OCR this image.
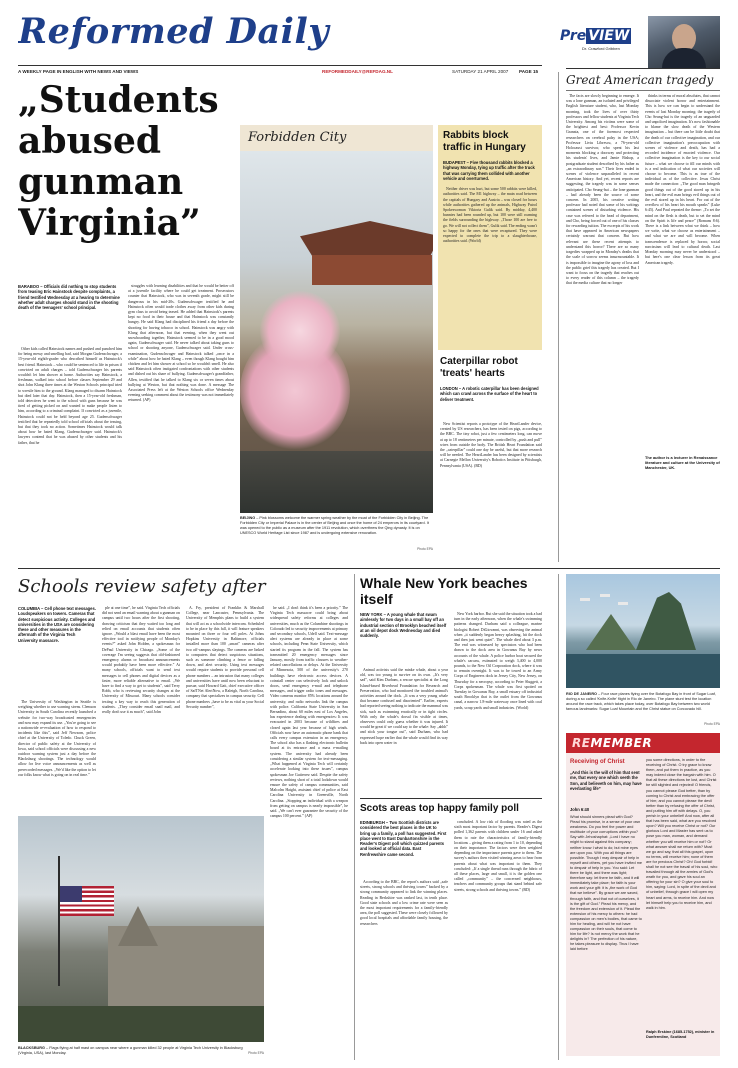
Reformed Daily
A WEEKLY PAGE IN ENGLISH WITH NEWS AND VIEWS	REFORMEDDAILY@REFDAG.NL	SATURDAY 21 APRIL 2007	PAGE 15
Pre VIEW
Dr. Crawford Gribben
Great American tragedy

The facts are slowly beginning to emerge. It was a lone gunman, an isolated and privileged English literature student, who, last Monday morning, took the lives of over thirty professors and fellow students at Virginia Tech University. Among his victims were some of the brightest and best: Professor Kevin Granata, one of the foremost respected researchers on cerebral palsy in the USA; Professor Liviu Librescu, a 76-year-old Holocaust survivor, who spent his last moments blocking a doorway and protecting his students' lives, and Jamie Bishop, a postgraduate student described by his father as „an extraordinary son.” Their lives ended in scenes of violence unparalleled in recent American history. And yet, recent reports are suggesting, the tragedy was in some senses anticipated. Cho Seung-hui – the lone gunman – had already been the source of some concern. In 2005, his creative writing professor had noted that some of his writings contained scenes of disturbing violence. His case was referred to the head of department, and Cho, being forced out of one of his classes for rewarding tuition. The excerpts of his work that have appeared in American newspapers certainly warrant that concern. But how relevant are these recent attempts to understand this horror? There are so many tragedies wrapped up in Monday's deaths that the scale of sorrow seems insurmountable. It is impossible to imagine the agony of loss and the public grief this tragedy has created. But I want to focus on the tragedy that reaches out to every reader of this column – the tragedy that the media culture that no longer

thinks in terms of moral absolutes, that cannot dissociate violent horror and entertainment. This is how we can begin to understand the events of last Monday morning; the tragedy of Cho Seung-hui is the tragedy of an unguarded and unpoliced imagination. It's now fashionable to blame the slow death of the Western imagination – but there can be little doubt that the death of our collective imagination, and our collective imagination's preoccupation with scenes of violence and death, has had a recorded incidence of enacted violence. Our collective imagination is the key to our social future – what we choose to fill our minds with is a real indication of what our societies will choose to become. This is as true of the individual as of the collective. Jesus Christ made the connection: „The good man bringeth good things out of the good stored up in his heart, and the evil man brings evil things out of the evil stored up in his heart. For out of the overflow of his heart his mouth speaks” (Luke 6:45). And Paul repeated the theme: „To set the mind on the flesh is death, but to set the mind on the Spirit is life and peace” (Romans 8:6). There is a link between what we think – how we write, what we choose as entertainment – and what we are and will become. When transcendence is replaced by horror, social narcissism will lead to cultural death. Last Monday morning may never be understood – but here's one clear lesson from its great American tragedy.

The author is a lecturer in Renaissance literature and culture at the University of Manchester, UK.
„Students abused gunman Virginia”
BARABOO – Officials did nothing to stop students from teasing Eric Hainstock despite complaints, a friend testified Wednesday at a hearing to determine whether adult charges should stand in the shooting death of the teenagers' school principal.

Other kids called Hainstock names and pushed and punched him for being messy and smelling bad, said Morgan Gudenschwager, a 15-year-old eighth-grader who described himself as Hainstock's best friend. Hainstock – who could be sentenced to life in prison if convicted on adult charges – told Gudenschwager his parents wouldn't let him shower at home. Authorities say Hainstock, a freshman, walked into school before classes September 29 and shot John Klang three times at the Weston Schools principal tried to wrestle him to the ground. Klang managed to disarm Hainstock but died later that day. Hainstock, then a 15-year-old freshman, told detectives he went to the school with guns because he was tired of getting picked on and wanted to make people listen to him, according to a criminal complaint. If convicted as a juvenile, Hainstock could not be held beyond age 25. Gudenschwager testified that he repeatedly told school officials about the teasing, but that they took no action. Sometimes Hainstock would talk about how he hated Klang, Gudenschwager said. Hainstock's lawyers contend that he was abused by other students and his father, that he

struggles with learning disabilities and that he would be better off at a juvenile facility where he could get treatment. Prosecutors counter that Hainstock, who was in seventh grade, might still be dangerous in his mid-20s. Gudenschwager testified he and Hainstock often would trade clothes away from other kids during gym class to avoid being teased. He added that Hainstock's parents kept no food in their house and that Hainstock was constantly hungry. He said Klang had disciplined his friend a day before the shooting for having tobacco in school. Hainstock was angry with Klang that afternoon, but that evening, when they went out snowboarding together, Hainstock seemed to be in a good mood again, Gudenschwager said. He never talked about taking guns to school or shooting anyone, Gudenschwager said. Under cross-examination, Gudenschwager and Hainstock talked „once in a while” about how he hated Klang – even though Klang bought him chicken and let him shower at school so he wouldn't smell. He also said Hainstock often instigated confrontations with other students and dished out his share of bullying. Gudenschwager's grandfather, Allen, testified that he talked to Klang six or seven times about bullying at Weston, but that nothing was done. A message The Associated Press left at the Weston Schools office Wednesday evening seeking comment about the testimony was not immediately returned. (AP)

Forbidden City
BEIJING – Pink blossoms welcome the warmer spring weather by the moat of the Forbidden City in Beijing. The Forbidden City or Imperial Palace is in the center of Beijing and once the home of 24 emperors in its courtyard. It was opened to the public as a museum after the 1911 revolution, which overthrew the Qing dynasty. It is on UNESCO World Heritage List since 1987 and is undergoing extensive renovation.
Photo EPA
Rabbits block traffic in Hungary
BUDAPEST – Five thousand rabbits blocked a highway Monday, tying up traffic after the truck that was carrying them collided with another vehicle and overturned.

Neither driver was hurt, but some 500 rabbits were killed, authorities said. The M1 highway – the main road between the capitals of Hungary and Austria – was closed for hours while authorities gathered up the animals, Highway Patrol Spokeswoman Viktoria Gulik said. By midday, 4,400 bunnies had been rounded up, but 100 were still roaming the fields surrounding the highway. „Those 100 are free to go. We will not collect them”, Gulik said. The ending wasn't so happy for the ones that were recaptured. They were expected to complete the trip to a slaughterhouse, authorities said. (World)

Caterpillar robot 'treats' hearts
LONDON – A robotic caterpillar has been designed which can crawl across the surface of the heart to deliver treatment.

New Scientist reports a prototype of the HeartLander device, created by US researchers, has been tested on pigs, according to the BBC. The tiny robot, just a few centimeters long, can move at up to 18 centimeters per minute, controlled by „push and pull” wires from outside the body. The British Heart Foundation said the „caterpillar” could one day be useful, but that more research will be needed. The HeartLander has been designed by scientists at Carnegie Mellon University's Robotics Institute in Pittsburgh, Pennsylvania (USA). (BD)

Schools review safety after
COLUMBIA – Cell phone text messages. Loudspeakers on towers. Cameras that detect suspicious activity. Colleges and universities in the USA are considering these and other measures in the aftermath of the Virginia Tech University massacre.

The University of Washington in Seattle is weighing whether to use warning sirens. Clemson University in South Carolina recently launched a website for two-way broadcasted emergencies and now may expand its use. „You're going to see a nationwide re-evaluation of how to respond to incidents like this”, said Jeff Newsom, police chief at the University of Toledo. Chuck Green, director of public safety at the University of Iowa, said school officials were discussing a new outdoor warning system just a day before the Blacksburg shootings. The technology would allow for live voice announcements as well as prerecorded messages. „We'd like the option to let our folks know what is going on in real time.”

ple at one time”, he said. Virginia Tech officials did not send an email warning about a gunman on campus until two hours after the first shooting, drawing criticism that they waited too long and relied on email accounts that students often ignore. „Would a blast email have been the most effective tool in notifying people of Monday's events?” asked John Holden, a spokesman for DePaul University in Chicago. „Some of the coverage I'm seeing suggests that old-fashioned emergency alarms or broadcast announcements would probably have been more effective.” At many schools, officials want to send text messages to cell phones and digital devices as a faster, more reliable alternative to email. „We have to find a way to get to students”, said Terry Robb, who is reviewing security changes at the University of Missouri. Many schools consider texting a key way to reach this generation of students. „They consider email snail mail, and really don't use it as much”, said John

A. Fry, president of Franklin & Marshall College, near Lancaster, Pennsylvania. The University of Memphis plans to build a system that will act as a schoolwide intercom. Scheduled to be in place by this fall, it will feature speakers mounted on three or four cell poles. At Johns Hopkins University in Baltimore, officials installed more than 100 „smart” cameras after two off-campus slayings. The cameras are linked to computers that detect suspicious situations, such as someone climbing a fence or falling down, and alert security. Using text messages would require students to provide personal cell phone numbers – an intrusion that many colleges and universities have until now been reluctant to pursue, said Howard Gatt, chief executive officer of SafTNet AlertNow, a Raleigh, North Carolina, company that specializes in campus security. Cell phone numbers „have to be as vital as your Social Security number”,

he said. „I don't think it's been a priority.” The Virginia Tech massacre could bring about widespread safety reforms at colleges and universities, much as the Columbine shootings in Colorado led to security improvements at primary and secondary schools, Udell said. Text-message alert systems are already in place at some schools, including Penn State University, which started its program in the fall. The system has transmitted 20 emergency messages since January, mostly from traffic closures to weather-related cancellations or delays. At the University of Minnesota, 500 of the university's 270 buildings have electronic access devices. A coinstall center can selectively lock and unlock doors, send emergency e-mail and telephone messages, and trigger radio tones and messages. Video cameras monitor 85% locations around the university, and radio networks link the campus with police. California State University in San Bernadino, about 60 miles east of Los Angeles, has experience dealing with emergencies: It was evacuated in 2003 because of wildfires and closed again last year because of high winds. Officials now have an automatic phone bank that calls every campus extension in an emergency. The school also has a flashing electronic bulletin board at its entrance and a mass e-mailing system. The university had already been considering a similar system for text-messaging. „What happened at Virginia Tech will certainly accelerate looking into these issues”, campus spokesman Joe Gutierrez said. Despite the safety reviews, nothing short of a total lockdown would ensure the safety of campus communities, said Malcolm Haight, assistant chief of police at East Carolina University in Greenville, North Carolina. „Stopping an individual with a weapon from getting on campus is nearly impossible”, he said. „We can't ever guarantee the security of the campus 100 percent.” (AP)

BLACKSBURG – Flags flying at half mast on campus near where a gunman killed 32 people at Virginia Tech University in Blacksburg (Virginia, USA), last Monday.	Photo EPA
Whale New York beaches itself
NEW YORK – A young whale that swam aimlessly for two days in a small bay off an industrial section of Brooklyn beached itself at an oil depot dock Wednesday and died suddenly.

Animal activists said the minke whale, about a year old, was too young to survive on its own. „It's very sad”, said Kim Durham, a rescue specialist at the Long Island-based Riverhead Foundation for Research and Preservation, who had monitored the troubled animal's activities around the dock. „It was a very young whale that became confused and disoriented”. Earlier, experts had reported seeing nothing to indicate the mammal was sick, such as swimming erratically or in tight circles. With only the whale's dorsal fin visible at times, observers could only guess whether it was injured. It would be great if we could say to the whale: Say „ahhh” and stick your tongue out”, said Durham, who had expressed hope earlier that the whale would find its way back into open water in

New York harbor. But she said the situation took a bad turn in the early afternoon, when the whale's swimming patterns changed. Durham said a colleague, marine biologist Robert DiGiovanni, was observing the animal when „it suddenly began heavy splashing, hit the dock and then just went quiet”. The whale died about 3 p.m. The end was witnessed by spectators who had been drawn to the dock area in Gowanus Bay by news accounts of the whale. A police harbor boat secured the whale's carcass, estimated to weigh 3,400 to 4,000 pounds, to the New Oil Corporation dock, where it was to remain overnight. It was to be towed to an Army Corps of Engineers dock in Jersey City, New Jersey, on Thursday for a necropsy, according to Peter Sluggett, a Corps spokesman. The whale was first spotted on Tuesday in Gowanus Bay, a small estuary off industrial south Brooklyn that is the outlet from the Gowanus canal, a narrow 1.8-mile waterway once lined with coal yards, scrap yards and small industries. (World)

Scots areas top happy family poll
EDINBURGH – Two Scottish districts are considered the best places in the UK to bring up a family, a poll has suggested. First place went to East Dunbartonshire in the Reader's Digest poll which quizzed parents and looked at official data. East Renfrewshire came second.

According to the BBC, the report's authors said „safe streets, strong schools and thriving towns” backed by a strong community appeared to link the winning places. Reading in Berkshire was ranked last, in tenth place. Good state schools and a low crime rate were seen as the most important requirements for a family-friendly area, the poll suggested. These were closely followed by good local hospitals and affordable family housing, the researchers

concluded. A low risk of flooding was rated as the sixth most important factor by parents. Reader's Digest polled 1,362 parents with children under 16 and asked them to rate the characteristics of family-friendly locations – giving them a rating from 1 to 10, depending on their importance. The factors were then weighted depending on the importance parents gave to them. The survey's authors then visited winning areas to hear from parents about what was important to them. They concluded: „If a single thread runs through the fabric of all these places, large and small, it is the golden one called „community” – the concerned neighbours, teachers and community groups that stand behind safe streets, strong schools and thriving towns.” (BD)

RIO DE JANEIRO – Four race planes flying over the Botafogo Bay in front of Sugar Loaf, during a so called 'Knife-Knife' flight in Rio de Janeiro. The plane stunt test the location around the race track, which takes place today, over Botafogo Bay between two world famous landmarks: Sugar Loaf Mountain and the Christ statue on Corcovado hill.
Photo EPA
REMEMBER
Receiving of Christ
„And this is the will of him that sent me, that every one which seeth the Son, and believeth on him, may have everlasting life”
John 6:40

What should sinners plead with God? Plead his promise, in a sense of your own weakness. Do you feel the power and multitude of your corruptions within you? Say with Jehoshaphat: „Lord I have no might to stand against this company; neither know I what to do; but mine eyes are upon you. With you all things are possible. Though I may despair of help in myself and others, yet you have invited me to despair of help in you. You said: Let there be light, and there was light; therefore say: let there be faith, and it will immediately take place; for faith is your work and your gift: it is „the work of God that we believe”. By grace we are saved, through faith, and that not of ourselves, it is the gift of God.” Plead his mercy, and the freedom and extension of it. Plead the extension of his mercy to others: he had compassion on men's bodies, that came to him for healing, and will he not have compassion on their souls, that come to him for life? Is not mercy the work that he delights in? The perfection of his nature, he takes pleasure to display. Thus I have laid before

you some directions, in order to the receiving of Christ. O try grace to know them, and put them in practice, as you may indeed close the bargain with him. O that all these directions be lost, and Christ be still slighted and rejected! O friends, you cannot please God better, than by coming to Christ and embracing the offer of him; and you cannot please the devil better than by refusing the offer of Christ, and putting him off with delays. O, you perish in your unbelief! And now, after all that has been said, what are you resolved upon? Will you receive Christ or not? Our glorious Lord and Master has sent us to pose you man, woman, and demand whether you will receive him or not? Or what answer shall we return with? Must we go and say, that all this gospel, upon no terms, will receive him; none of them are for precious Christ? Oh! God forbid! shall he not see the travail of his soul, who travailed through all the armies of God's wrath for you, and gave his soul an offering for your sin? O give your soul to him, saying: Lord, in spite of the devil and of unbelief, through grace I will open my heart and arms, to receive him. And now let himself help you to receive him, and walk in him.

Ralph Erskine (1685-1752), minister in Dunfermline, Scotland
